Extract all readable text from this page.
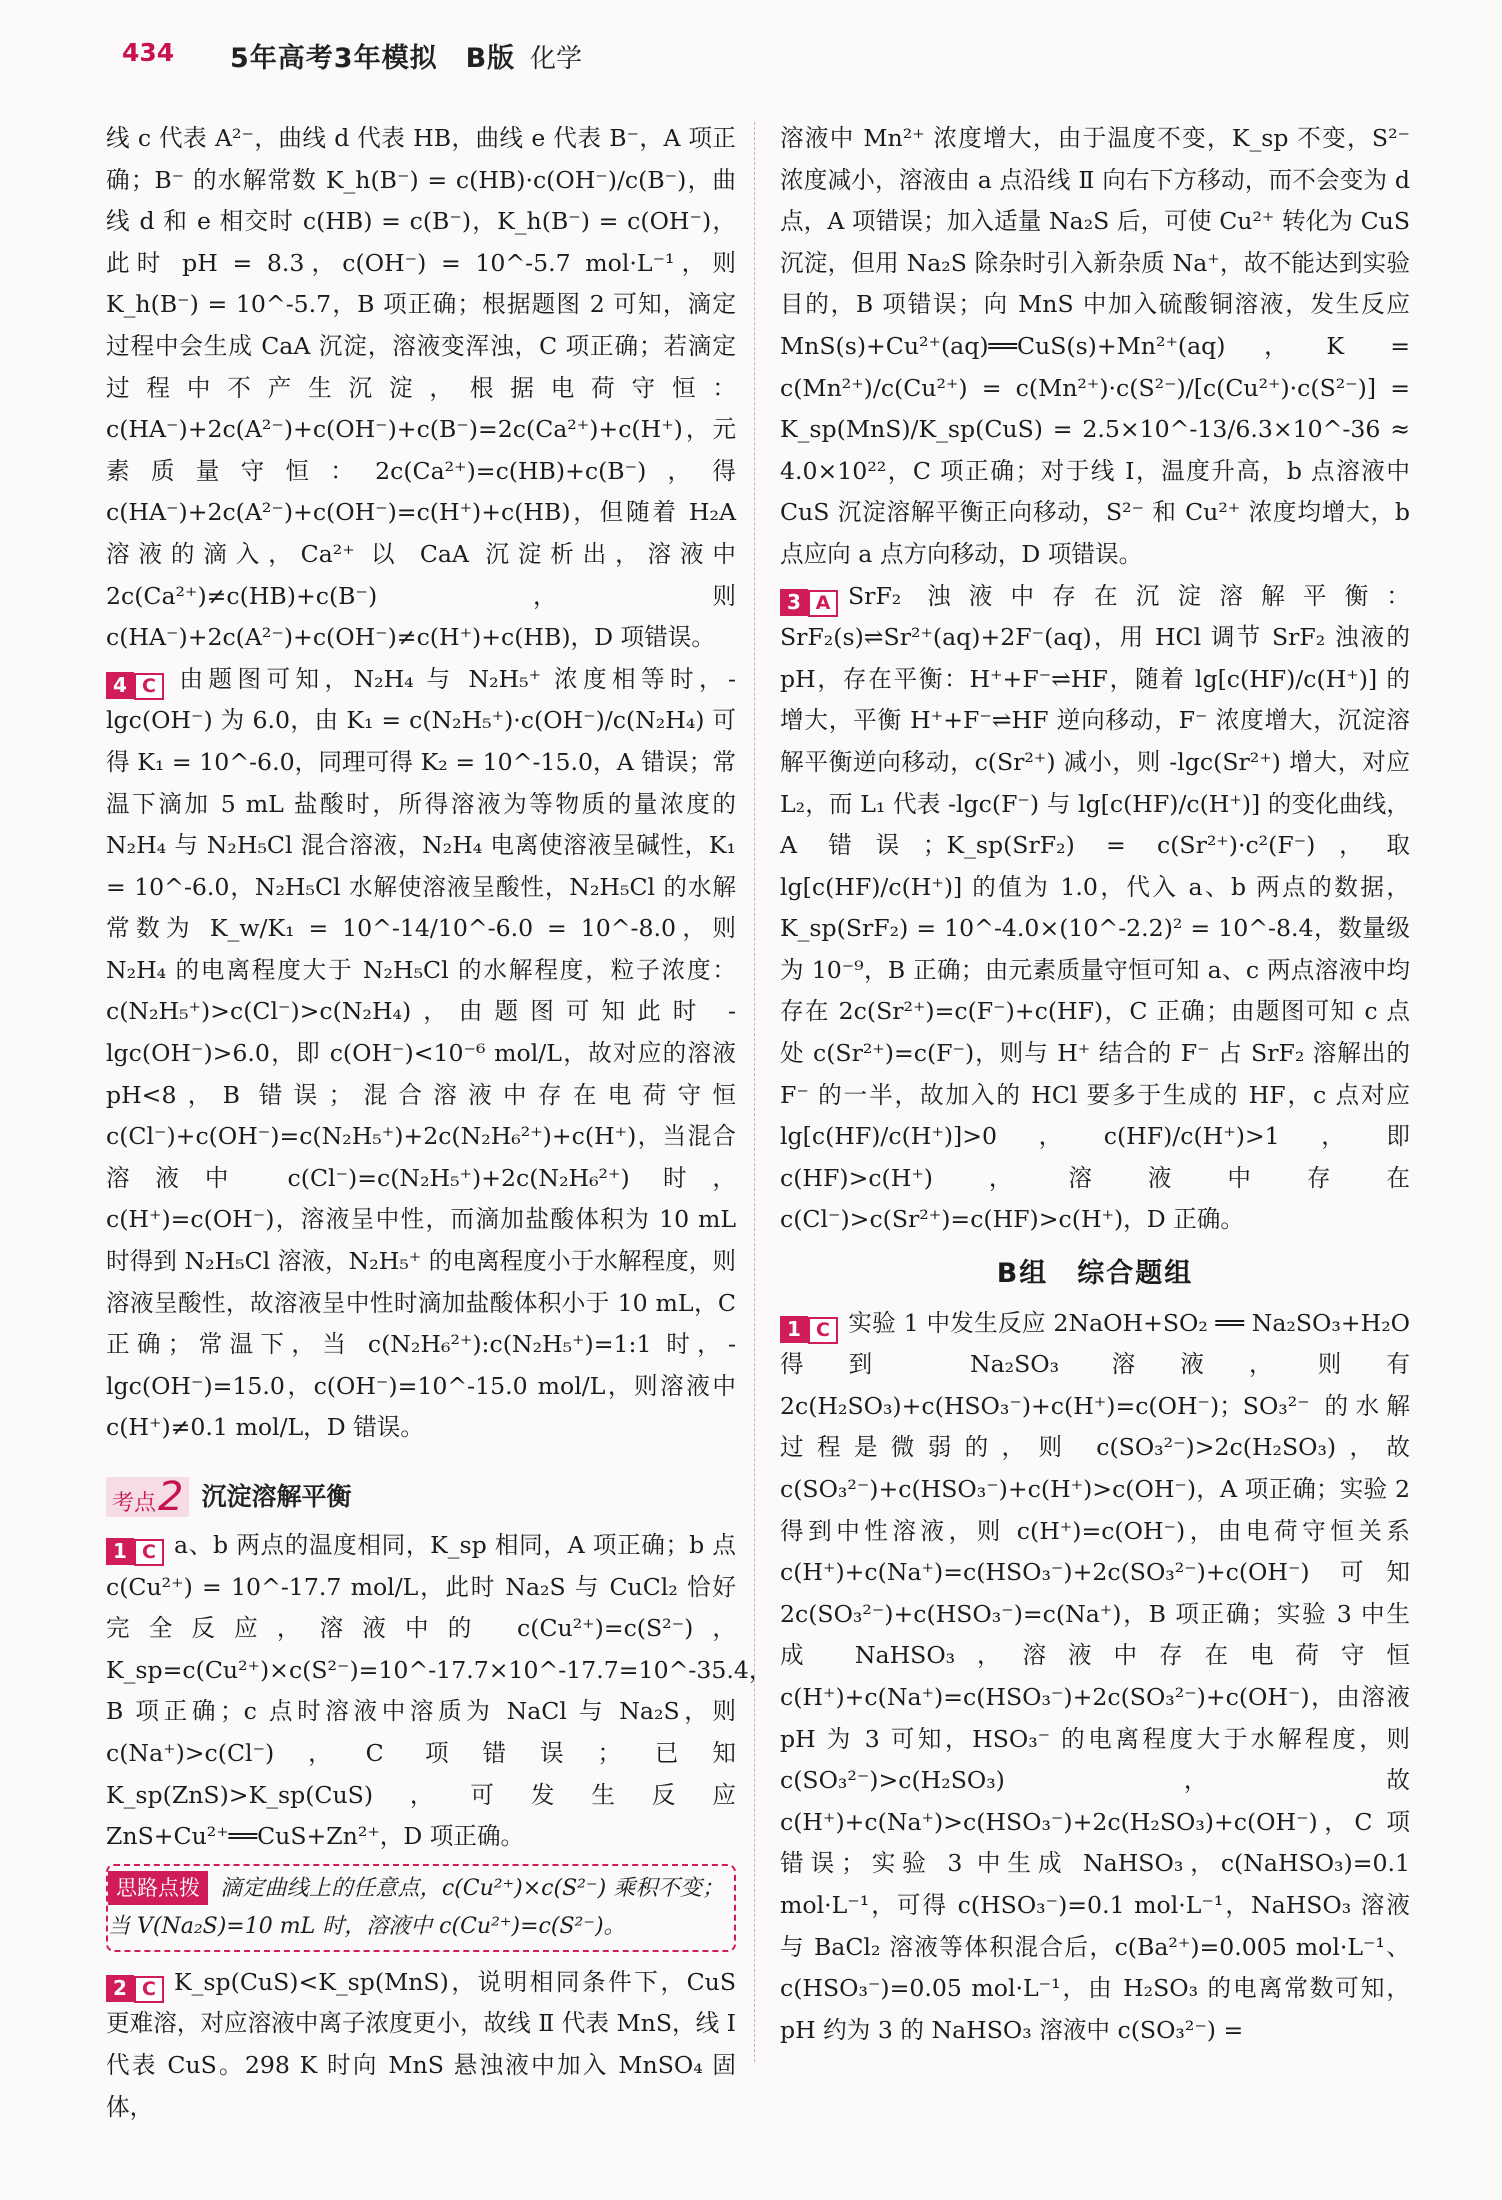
434 5年高考3年模拟　B版 化学

线 c 代表 A²⁻，曲线 d 代表 HB，曲线 e 代表 B⁻，A 项正确；B⁻ 的水解常数 K_h(B⁻) = c(HB)·c(OH⁻)/c(B⁻)，曲线 d 和 e 相交时 c(HB) = c(B⁻)，K_h(B⁻) = c(OH⁻)，此时 pH = 8.3，c(OH⁻) = 10^-5.7 mol·L⁻¹，则 K_h(B⁻) = 10^-5.7，B 项正确；根据题图 2 可知，滴定过程中会生成 CaA 沉淀，溶液变浑浊，C 项正确；若滴定过程中不产生沉淀，根据电荷守恒：c(HA⁻)+2c(A²⁻)+c(OH⁻)+c(B⁻)=2c(Ca²⁺)+c(H⁺)，元素质量守恒：2c(Ca²⁺)=c(HB)+c(B⁻)，得 c(HA⁻)+2c(A²⁻)+c(OH⁻)=c(H⁺)+c(HB)，但随着 H₂A 溶液的滴入，Ca²⁺ 以 CaA 沉淀析出，溶液中 2c(Ca²⁺)≠c(HB)+c(B⁻)，则 c(HA⁻)+2c(A²⁻)+c(OH⁻)≠c(H⁺)+c(HB)，D 项错误。

4 C 由题图可知，N₂H₄ 与 N₂H₅⁺ 浓度相等时，-lgc(OH⁻) 为 6.0，由 K₁ = c(N₂H₅⁺)·c(OH⁻)/c(N₂H₄) 可得 K₁ = 10^-6.0，同理可得 K₂ = 10^-15.0，A 错误；常温下滴加 5 mL 盐酸时，所得溶液为等物质的量浓度的 N₂H₄ 与 N₂H₅Cl 混合溶液，N₂H₄ 电离使溶液呈碱性，K₁ = 10^-6.0，N₂H₅Cl 水解使溶液呈酸性，N₂H₅Cl 的水解常数为 K_w/K₁ = 10^-14/10^-6.0 = 10^-8.0，则 N₂H₄ 的电离程度大于 N₂H₅Cl 的水解程度，粒子浓度：c(N₂H₅⁺)>c(Cl⁻)>c(N₂H₄)，由题图可知此时 -lgc(OH⁻)>6.0，即 c(OH⁻)<10⁻⁶ mol/L，故对应的溶液 pH<8，B 错误；混合溶液中存在电荷守恒 c(Cl⁻)+c(OH⁻)=c(N₂H₅⁺)+2c(N₂H₆²⁺)+c(H⁺)，当混合溶液中 c(Cl⁻)=c(N₂H₅⁺)+2c(N₂H₆²⁺) 时，c(H⁺)=c(OH⁻)，溶液呈中性，而滴加盐酸体积为 10 mL 时得到 N₂H₅Cl 溶液，N₂H₅⁺ 的电离程度小于水解程度，则溶液呈酸性，故溶液呈中性时滴加盐酸体积小于 10 mL，C 正确；常温下，当 c(N₂H₆²⁺):c(N₂H₅⁺)=1:1 时，-lgc(OH⁻)=15.0，c(OH⁻)=10^-15.0 mol/L，则溶液中 c(H⁺)≠0.1 mol/L，D 错误。

考点2 沉淀溶解平衡

1 C a、b 两点的温度相同，K_sp 相同，A 项正确；b 点 c(Cu²⁺) = 10^-17.7 mol/L，此时 Na₂S 与 CuCl₂ 恰好完全反应，溶液中的 c(Cu²⁺)=c(S²⁻)，K_sp=c(Cu²⁺)×c(S²⁻)=10^-17.7×10^-17.7=10^-35.4，B 项正确；c 点时溶液中溶质为 NaCl 与 Na₂S，则 c(Na⁺)>c(Cl⁻)，C 项错误；已知 K_sp(ZnS)>K_sp(CuS)，可发生反应 ZnS+Cu²⁺══CuS+Zn²⁺，D 项正确。

思路点拨 滴定曲线上的任意点，c(Cu²⁺)×c(S²⁻) 乘积不变；当 V(Na₂S)=10 mL 时，溶液中 c(Cu²⁺)=c(S²⁻)。

2 C K_sp(CuS)<K_sp(MnS)，说明相同条件下，CuS 更难溶，对应溶液中离子浓度更小，故线 Ⅱ 代表 MnS，线 Ⅰ 代表 CuS。298 K 时向 MnS 悬浊液中加入 MnSO₄ 固体，

溶液中 Mn²⁺ 浓度增大，由于温度不变，K_sp 不变，S²⁻ 浓度减小，溶液由 a 点沿线 Ⅱ 向右下方移动，而不会变为 d 点，A 项错误；加入适量 Na₂S 后，可使 Cu²⁺ 转化为 CuS 沉淀，但用 Na₂S 除杂时引入新杂质 Na⁺，故不能达到实验目的，B 项错误；向 MnS 中加入硫酸铜溶液，发生反应 MnS(s)+Cu²⁺(aq)══CuS(s)+Mn²⁺(aq)，K = c(Mn²⁺)/c(Cu²⁺) = c(Mn²⁺)·c(S²⁻)/[c(Cu²⁺)·c(S²⁻)] = K_sp(MnS)/K_sp(CuS) = 2.5×10^-13/6.3×10^-36 ≈ 4.0×10²²，C 项正确；对于线 Ⅰ，温度升高，b 点溶液中 CuS 沉淀溶解平衡正向移动，S²⁻ 和 Cu²⁺ 浓度均增大，b 点应向 a 点方向移动，D 项错误。

3 A SrF₂ 浊液中存在沉淀溶解平衡：SrF₂(s)⇌Sr²⁺(aq)+2F⁻(aq)，用 HCl 调节 SrF₂ 浊液的 pH，存在平衡：H⁺+F⁻⇌HF，随着 lg[c(HF)/c(H⁺)] 的增大，平衡 H⁺+F⁻⇌HF 逆向移动，F⁻ 浓度增大，沉淀溶解平衡逆向移动，c(Sr²⁺) 减小，则 -lgc(Sr²⁺) 增大，对应 L₂，而 L₁ 代表 -lgc(F⁻) 与 lg[c(HF)/c(H⁺)] 的变化曲线，A 错误；K_sp(SrF₂) = c(Sr²⁺)·c²(F⁻)，取 lg[c(HF)/c(H⁺)] 的值为 1.0，代入 a、b 两点的数据，K_sp(SrF₂) = 10^-4.0×(10^-2.2)² = 10^-8.4，数量级为 10⁻⁹，B 正确；由元素质量守恒可知 a、c 两点溶液中均存在 2c(Sr²⁺)=c(F⁻)+c(HF)，C 正确；由题图可知 c 点处 c(Sr²⁺)=c(F⁻)，则与 H⁺ 结合的 F⁻ 占 SrF₂ 溶解出的 F⁻ 的一半，故加入的 HCl 要多于生成的 HF，c 点对应 lg[c(HF)/c(H⁺)]>0，c(HF)/c(H⁺)>1，即 c(HF)>c(H⁺)，溶液中存在 c(Cl⁻)>c(Sr²⁺)=c(HF)>c(H⁺)，D 正确。

B组　综合题组

1 C 实验 1 中发生反应 2NaOH+SO₂ ══ Na₂SO₃+H₂O 得到 Na₂SO₃ 溶液，则有 2c(H₂SO₃)+c(HSO₃⁻)+c(H⁺)=c(OH⁻)；SO₃²⁻ 的水解过程是微弱的，则 c(SO₃²⁻)>2c(H₂SO₃)，故 c(SO₃²⁻)+c(HSO₃⁻)+c(H⁺)>c(OH⁻)，A 项正确；实验 2 得到中性溶液，则 c(H⁺)=c(OH⁻)，由电荷守恒关系 c(H⁺)+c(Na⁺)=c(HSO₃⁻)+2c(SO₃²⁻)+c(OH⁻) 可知 2c(SO₃²⁻)+c(HSO₃⁻)=c(Na⁺)，B 项正确；实验 3 中生成 NaHSO₃，溶液中存在电荷守恒 c(H⁺)+c(Na⁺)=c(HSO₃⁻)+2c(SO₃²⁻)+c(OH⁻)，由溶液 pH 为 3 可知，HSO₃⁻ 的电离程度大于水解程度，则 c(SO₃²⁻)>c(H₂SO₃)，故 c(H⁺)+c(Na⁺)>c(HSO₃⁻)+2c(H₂SO₃)+c(OH⁻)，C 项错误；实验 3 中生成 NaHSO₃，c(NaHSO₃)=0.1 mol·L⁻¹，可得 c(HSO₃⁻)=0.1 mol·L⁻¹，NaHSO₃ 溶液与 BaCl₂ 溶液等体积混合后，c(Ba²⁺)=0.005 mol·L⁻¹、c(HSO₃⁻)=0.05 mol·L⁻¹，由 H₂SO₃ 的电离常数可知，pH 约为 3 的 NaHSO₃ 溶液中 c(SO₃²⁻) =
